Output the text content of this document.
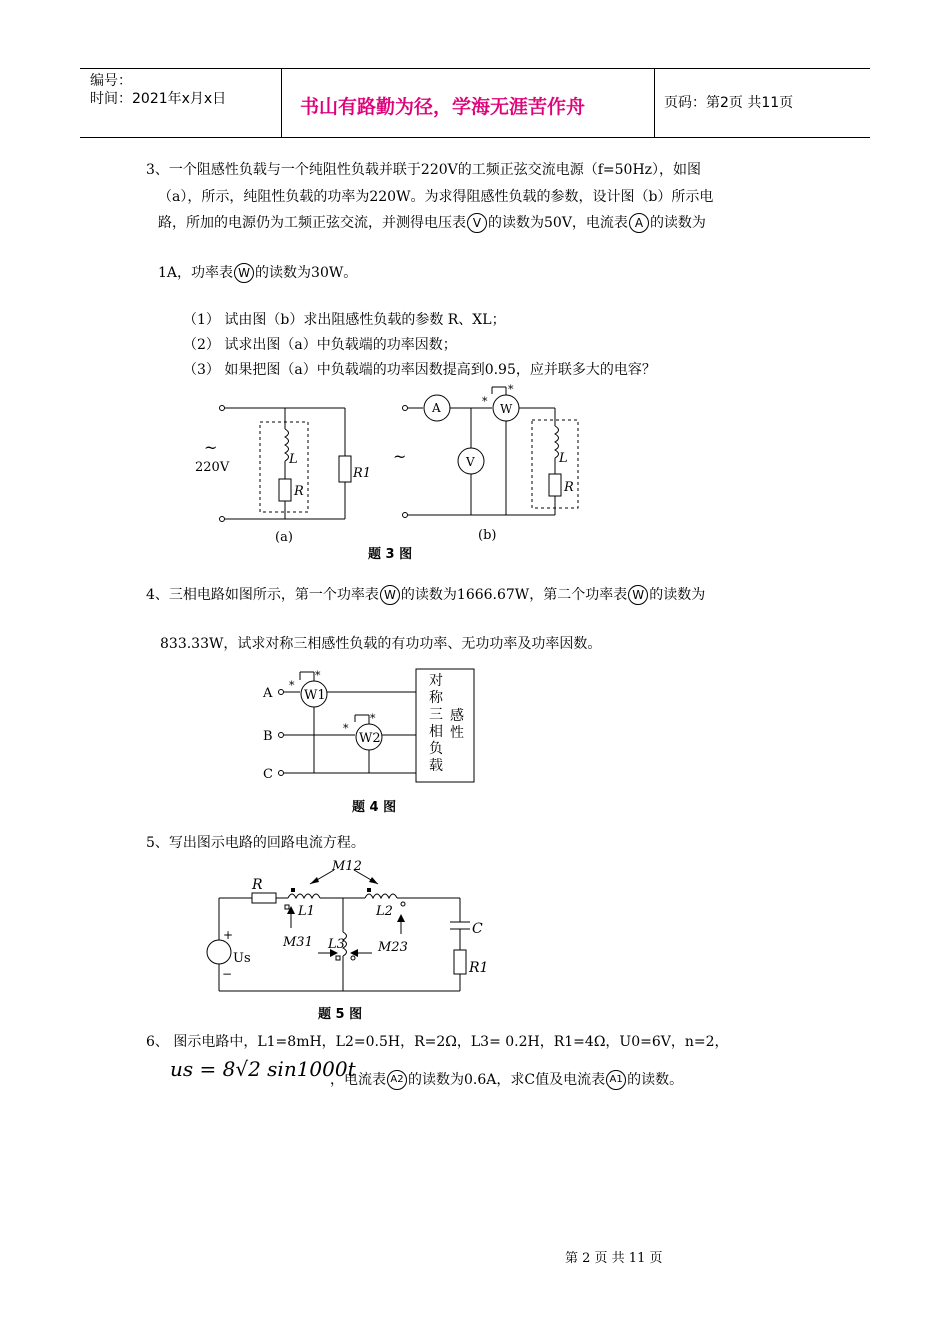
编号：
时间：2021年x月x日	书山有路勤为径，学海无涯苦作舟	页码：第2页 共11页
3、一个阻感性负载与一个纯阻性负载并联于220V的工频正弦交流电源（f=50Hz），如图
（a），所示，纯阻性负载的功率为220W。为求得阻感性负载的参数，设计图（b）所示电
路，所加的电源仍为工频正弦交流，并测得电压表 V 的读数为50V，电流表 A 的读数为
1A，功率表 W 的读数为30W。
（1） 试由图（b）求出阻感性负载的参数 R、XL；
（2） 试求出图（a）中负载端的功率因数；
（3） 如果把图（a）中负载端的功率因数提高到0.95，应并联多大的电容？
~
220V
L
R
R1
(a)
~
A	W
V
*
*
L
R
(b)
题 3 图
4、三相电路如图所示，第一个功率表 W 的读数为1666.67W，第二个功率表 W 的读数为
833.33W，试求对称三相感性负载的有功功率、无功功率及功率因数。
A
B
C
W1
W2
*
*
*
*
对
称
三
相
负
载
感
性
题 4 图
5、写出图示电路的回路电流方程。
R
M12
L1	L2
L3
M31	M23
C
R1
+
−
Us
题 5 图
6、 图示电路中，L1=8mH，L2=0.5H，R=2Ω，L3= 0.2H，R1=4Ω，U0=6V，n=2，
us = 8√2 sin1000t
，电流表 A2 的读数为0.6A，求C值及电流表 A1 的读数。
第 2 页 共 11 页
